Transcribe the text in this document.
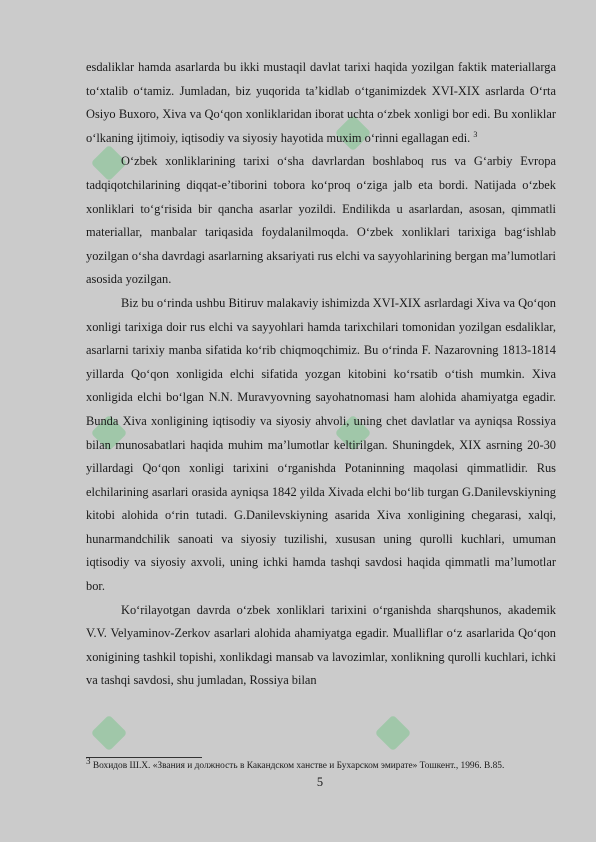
esdaliklar hamda asarlarda bu ikki mustaqil davlat tarixi haqida yozilgan faktik materiallarga to‘xtalib o‘tamiz. Jumladan, biz yuqorida ta’kidlab o‘tganimizdek XVI-XIX asrlarda O‘rta Osiyo Buxoro, Xiva va Qo‘qon xonliklaridan iborat uchta o‘zbek xonligi bor edi. Bu xonliklar o‘lkaning ijtimoiy, iqtisodiy va siyosiy hayotida muxim o‘rinni egallagan edi. $^3$

O‘zbek xonliklarining tarixi o‘sha davrlardan boshlaboq rus va G‘arbiy Evropa tadqiqotchilarining diqqat-e’tiborini tobora ko‘proq o‘ziga jalb eta bordi. Natijada o‘zbek xonliklari to‘g‘risida bir qancha asarlar yozildi. Endilikda u asarlardan, asosan, qimmatli materiallar, manbalar tariqasida foydalanilmoqda. O‘zbek xonliklari tarixiga bag‘ishlab yozilgan o‘sha davrdagi asarlarning aksariyati rus elchi va sayyohlarining bergan ma’lumotlari asosida yozilgan.

Biz bu o‘rinda ushbu Bitiruv malakaviy ishimizda XVI-XIX asrlardagi Xiva va Qo‘qon xonligi tarixiga doir rus elchi va sayyohlari hamda tarixchilari tomonidan yozilgan esdaliklar, asarlarni tarixiy manba sifatida ko‘rib chiqmoqchimiz. Bu o‘rinda F. Nazarovning 1813-1814 yillarda Qo‘qon xonligida elchi sifatida yozgan kitobini ko‘rsatib o‘tish mumkin. Xiva xonligida elchi bo‘lgan N.N. Muravyovning sayohatnomasi ham alohida ahamiyatga egadir. Bunda Xiva xonligining iqtisodiy va siyosiy ahvoli, uning chet davlatlar va ayniqsa Rossiya bilan munosabatlari haqida muhim ma’lumotlar keltirilgan. Shuningdek, XIX asrning 20-30 yillardagi Qo‘qon xonligi tarixini o‘rganishda Potaninning maqolasi qimmatlidir. Rus elchilarining asarlari orasida ayniqsa 1842 yilda Xivada elchi bo‘lib turgan G.Danilevskiyning kitobi alohida o‘rin tutadi. G.Danilevskiyning asarida Xiva xonligining chegarasi, xalqi, hunarmandchilik sanoati va siyosiy tuzilishi, xususan uning qurolli kuchlari, umuman iqtisodiy va siyosiy axvoli, uning ichki hamda tashqi savdosi haqida qimmatli ma’lumotlar bor.

Ko‘rilayotgan davrda o‘zbek xonliklari tarixini o‘rganishda sharqshunos, akademik V.V. Velyaminov-Zerkov asarlari alohida ahamiyatga egadir. Mualliflar o‘z asarlarida Qo‘qon xonigining tashkil topishi, xonlikdagi mansab va lavozimlar, xonlikning qurolli kuchlari, ichki va tashqi savdosi, shu jumladan, Rossiya bilan

3 Вохидов Ш.Х. «Звания и должность в Какандском ханстве и Бухарском эмирате» Тошкент., 1996. В.85.
5
